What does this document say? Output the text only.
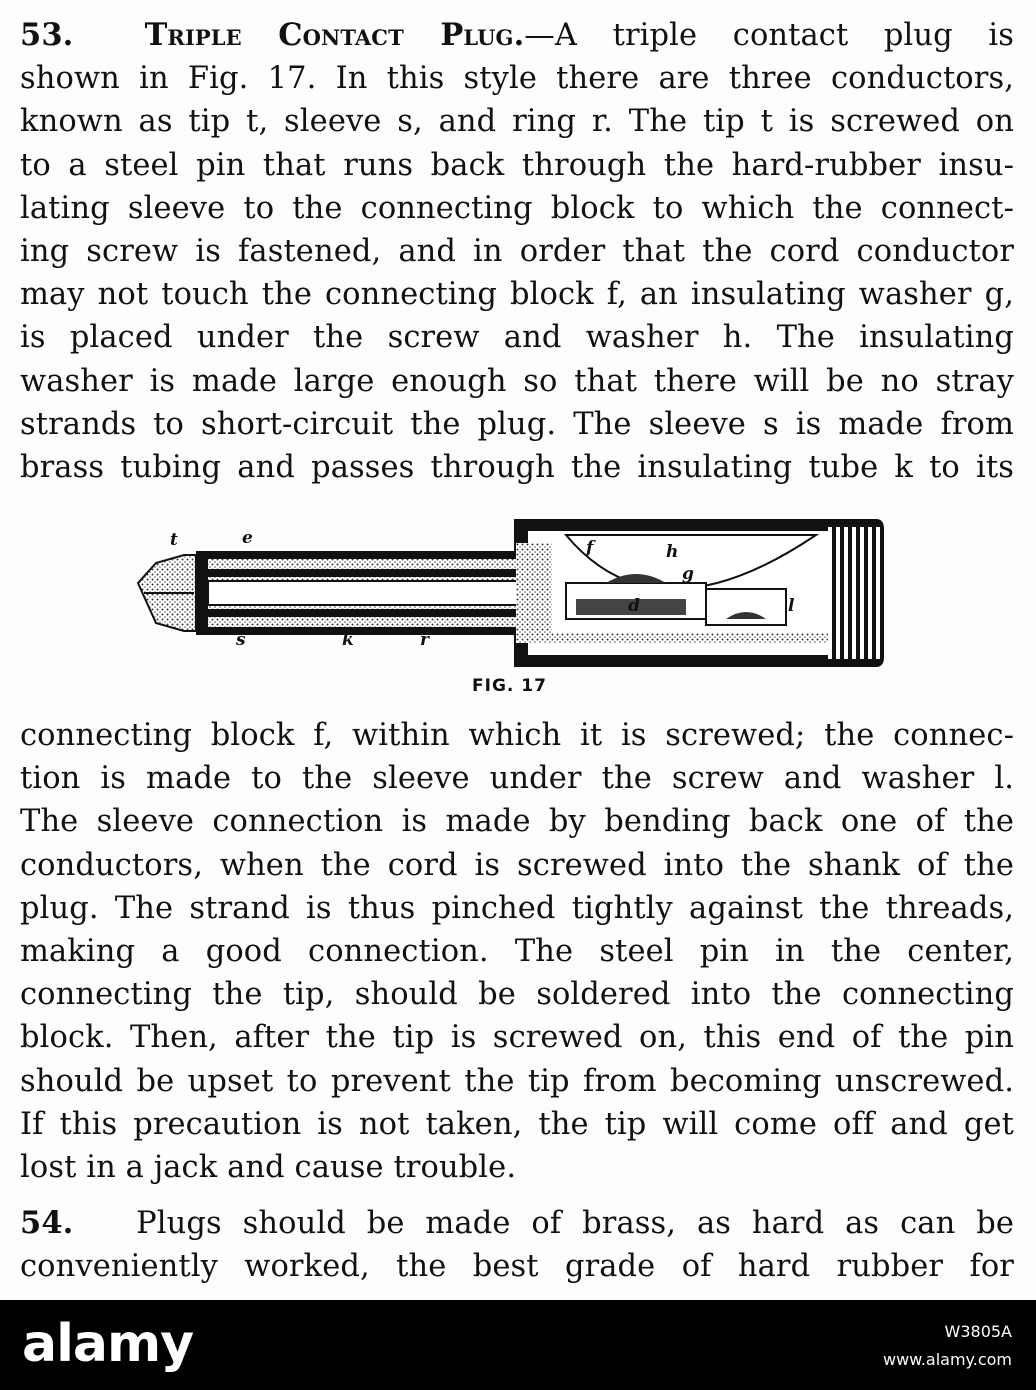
53. Triple Contact Plug.—A triple contact plug is
shown in Fig. 17. In this style there are three conductors,
known as tip t, sleeve s, and ring r. The tip t is screwed on
to a steel pin that runs back through the hard-rubber insu-
lating sleeve to the connecting block to which the connect-
ing screw is fastened, and in order that the cord conductor
may not touch the connecting block f, an insulating washer g,
is placed under the screw and washer h. The insulating
washer is made large enough so that there will be no stray
strands to short-circuit the plug. The sleeve s is made from
brass tubing and passes through the insulating tube k to its
t	e	f	h
g
d	l
s	k	r
FIG. 17
connecting block f, within which it is screwed; the connec-
tion is made to the sleeve under the screw and washer l.
The sleeve connection is made by bending back one of the
conductors, when the cord is screwed into the shank of the
plug. The strand is thus pinched tightly against the threads,
making a good connection. The steel pin in the center,
connecting the tip, should be soldered into the connecting
block. Then, after the tip is screwed on, this end of the pin
should be upset to prevent the tip from becoming unscrewed.
If this precaution is not taken, the tip will come off and get
lost in a jack and cause trouble.
54. Plugs should be made of brass, as hard as can be
conveniently worked, the best grade of hard rubber for
alamy	W3805A
www.alamy.com
